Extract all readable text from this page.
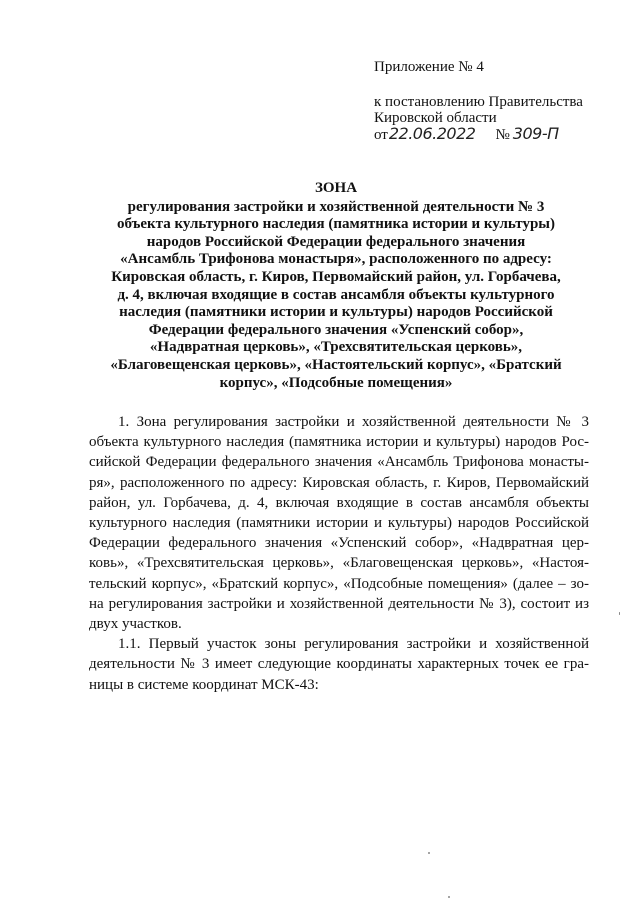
Приложение № 4
к постановлению Правительства
Кировской области
от22.06.2022 № 309-П
ЗОНА
регулирования застройки и хозяйственной деятельности № 3
объекта культурного наследия (памятника истории и культуры)
народов Российской Федерации федерального значения
«Ансамбль Трифонова монастыря», расположенного по адресу:
Кировская область, г. Киров, Первомайский район, ул. Горбачева,
д. 4, включая входящие в состав ансамбля объекты культурного
наследия (памятники истории и культуры) народов Российской
Федерации федерального значения «Успенский собор»,
«Надвратная церковь», «Трехсвятительская церковь»,
«Благовещенская церковь», «Настоятельский корпус», «Братский
корпус», «Подсобные помещения»
1. Зона регулирования застройки и хозяйственной деятельности № 3
объекта культурного наследия (памятника истории и культуры) народов Рос-
сийской Федерации федерального значения «Ансамбль Трифонова монасты-
ря», расположенного по адресу: Кировская область, г. Киров, Первомайский
район, ул. Горбачева, д. 4, включая входящие в состав ансамбля объекты
культурного наследия (памятники истории и культуры) народов Российской
Федерации федерального значения «Успенский собор», «Надвратная цер-
ковь», «Трехсвятительская церковь», «Благовещенская церковь», «Настоя-
тельский корпус», «Братский корпус», «Подсобные помещения» (далее – зо-
на регулирования застройки и хозяйственной деятельности № 3), состоит из
двух участков.
1.1. Первый участок зоны регулирования застройки и хозяйственной
деятельности № 3 имеет следующие координаты характерных точек ее гра-
ницы в системе координат МСК-43:
